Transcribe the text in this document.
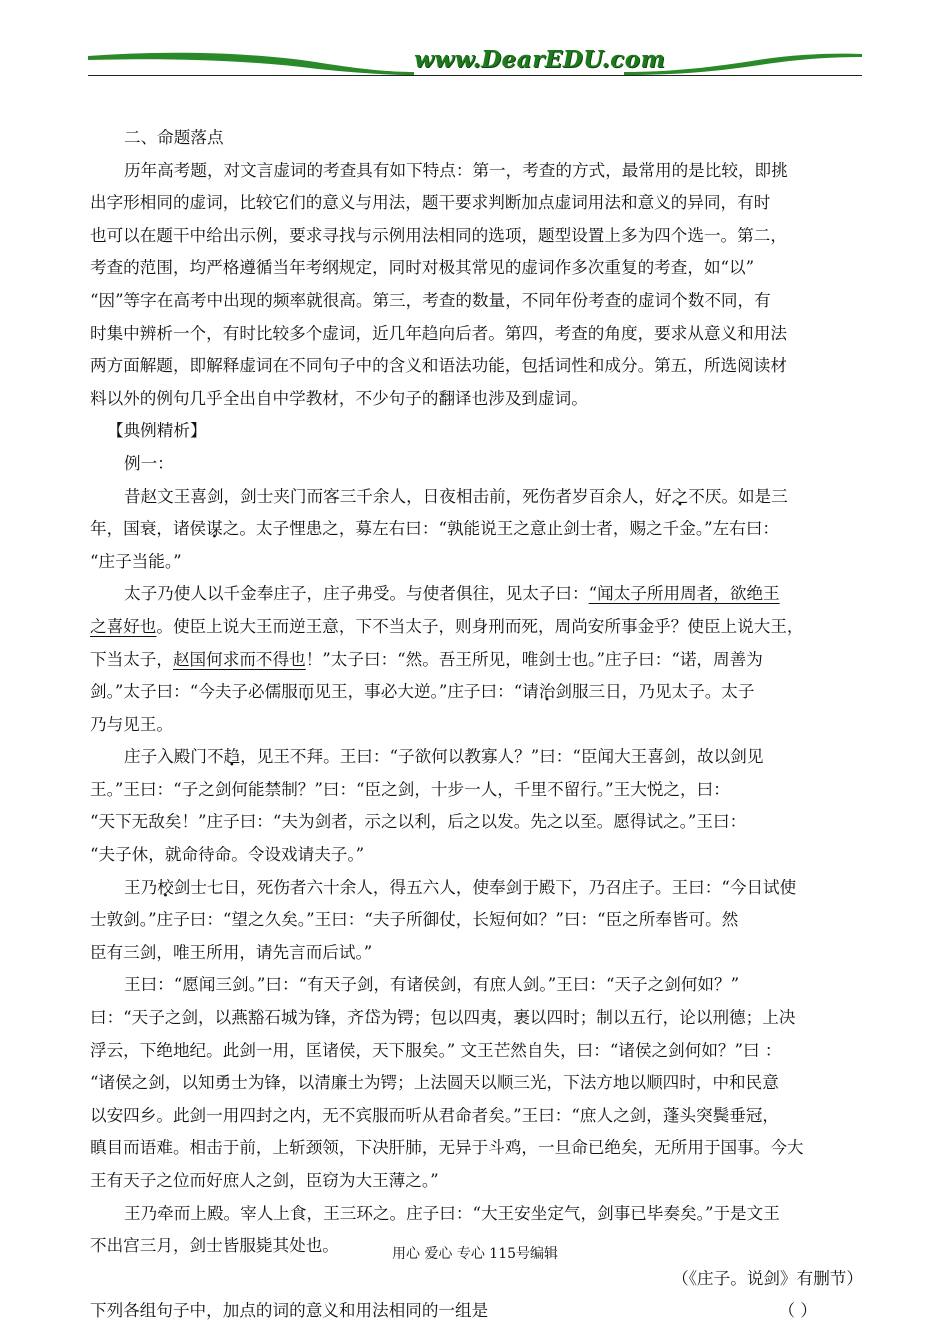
www.DearEDU.com
二、命题落点
历年高考题，对文言虚词的考查具有如下特点：第一，考查的方式，最常用的是比较，即挑
出字形相同的虚词，比较它们的意义与用法，题干要求判断加点虚词用法和意义的异同，有时
也可以在题干中给出示例，要求寻找与示例用法相同的选项，题型设置上多为四个选一。第二，
考查的范围，均严格遵循当年考纲规定，同时对极其常见的虚词作多次重复的考查，如“以”
“因”等字在高考中出现的频率就很高。第三，考查的数量，不同年份考查的虚词个数不同，有
时集中辨析一个，有时比较多个虚词，近几年趋向后者。第四，考查的角度，要求从意义和用法
两方面解题，即解释虚词在不同句子中的含义和语法功能，包括词性和成分。第五，所选阅读材
料以外的例句几乎全出自中学教材，不少句子的翻译也涉及到虚词。
【典例精析】
例一：
昔赵文王喜剑，剑士夹门而客三千余人，日夜相击前，死伤者岁百余人，好之不厌。如是三
年，国衰，诸侯谋之。太子悝患之，募左右曰：“孰能说王之意止剑士者，赐之千金。”左右曰：
“庄子当能。”
太子乃使人以千金奉庄子，庄子弗受。与使者俱往，见太子曰：“闻太子所用周者，欲绝王
之喜好也。使臣上说大王而逆王意，下不当太子，则身刑而死，周尚安所事金乎？使臣上说大王，
下当太子，赵国何求而不得也！”太子曰：“然。吾王所见，唯剑士也。”庄子曰：“诺，周善为
剑。”太子曰：“今夫子必儒服而见王，事必大逆。”庄子曰：“请治剑服三日，乃见太子。太子
乃与见王。
庄子入殿门不趋，见王不拜。王曰：“子欲何以教寡人？”曰：“臣闻大王喜剑，故以剑见
王。”王曰：“子之剑何能禁制？”曰：“臣之剑，十步一人，千里不留行。”王大悦之，曰：
“天下无敌矣！”庄子曰：“夫为剑者，示之以利，后之以发。先之以至。愿得试之。”王曰：
“夫子休，就命待命。令设戏请夫子。”
王乃校剑士七日，死伤者六十余人，得五六人，使奉剑于殿下，乃召庄子。王曰：“今日试使
士敦剑。”庄子曰：“望之久矣。”王曰：“夫子所御仗，长短何如？”曰：“臣之所奉皆可。然
臣有三剑，唯王所用，请先言而后试。”
王曰：“愿闻三剑。”曰：“有天子剑，有诸侯剑，有庶人剑。”王曰：“天子之剑何如？”
曰：“天子之剑，以燕豁石城为锋，齐岱为锷；包以四夷，裹以四时；制以五行，论以刑德；上决
浮云，下绝地纪。此剑一用，匡诸侯，天下服矣。” 文王芒然自失，曰：“诸侯之剑何如？”曰 ：
“诸侯之剑，以知勇士为锋，以清廉士为锷；上法圆天以顺三光，下法方地以顺四时，中和民意
以安四乡。此剑一用四封之内，无不宾服而听从君命者矣。”王曰：“庶人之剑，蓬头突鬓垂冠，
瞋目而语难。相击于前，上斩颈领，下决肝肺，无异于斗鸡，一旦命已绝矣，无所用于国事。今大
王有天子之位而好庶人之剑，臣窃为大王薄之。”
王乃牵而上殿。宰人上食，王三环之。庄子曰：“大王安坐定气，剑事已毕奏矣。”于是文王
不出宫三月，剑士皆服毙其处也。
（《庄子。说剑》有删节）
下列各组句子中，加点的词的意义和用法相同的一组是	（ ）
用心 爱心 专心 115号编辑
